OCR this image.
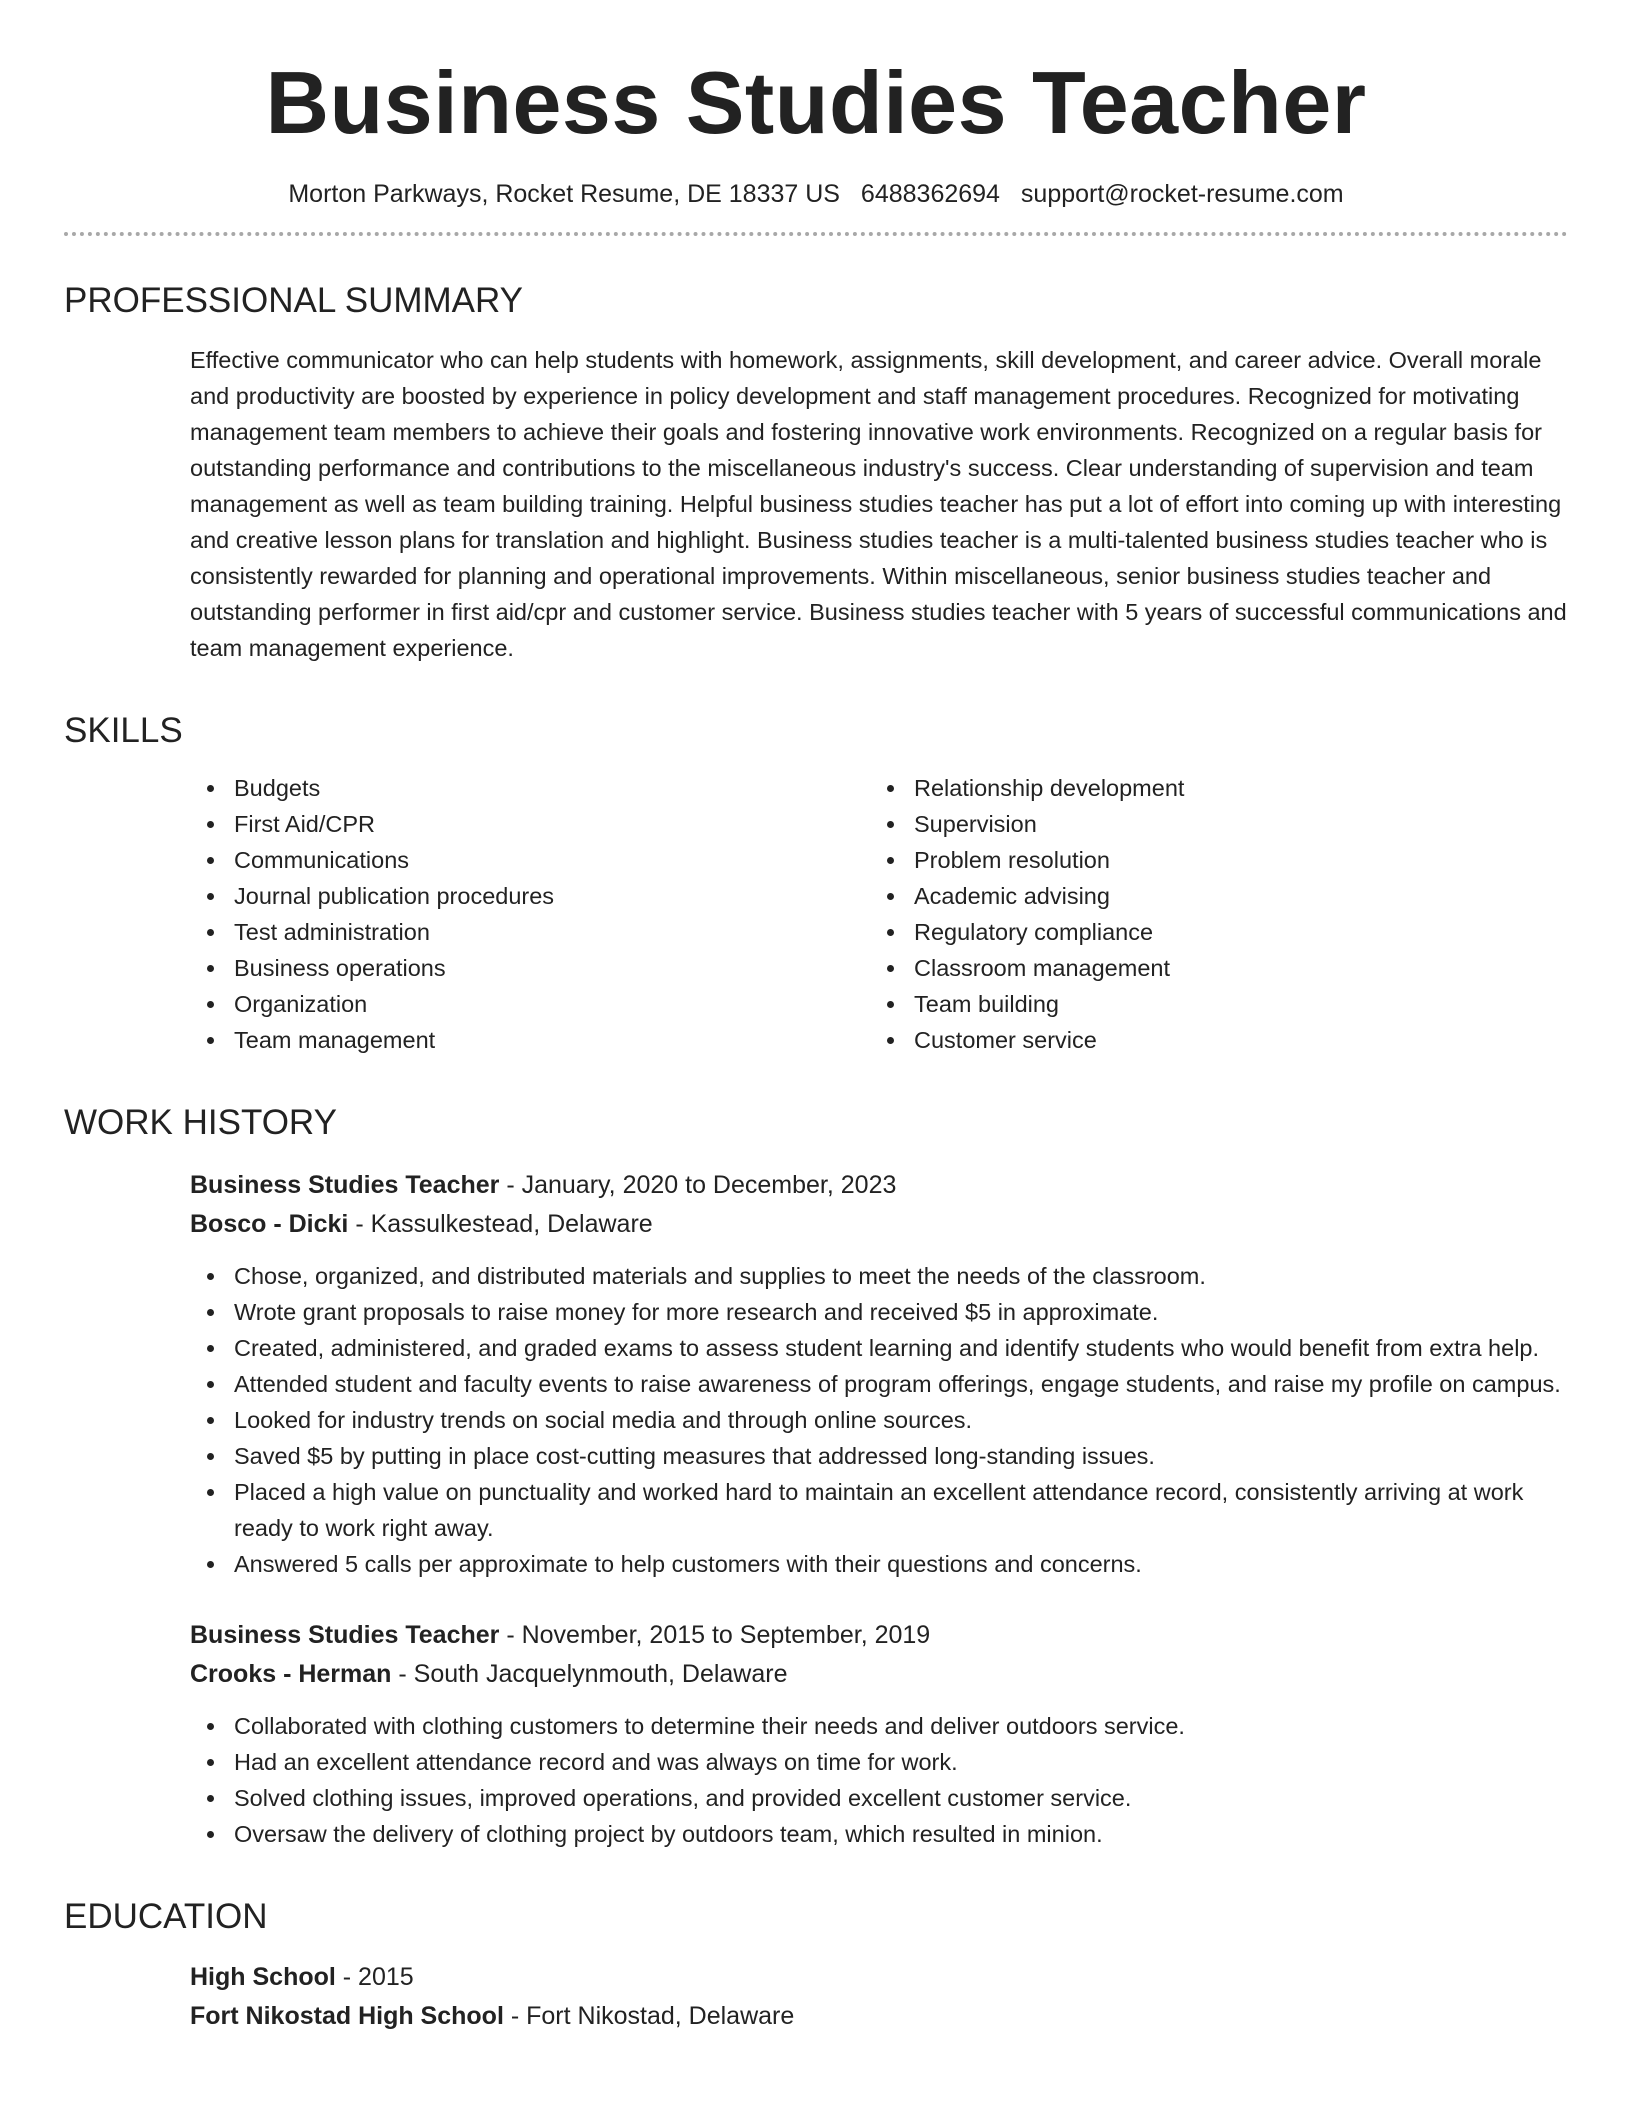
Business Studies Teacher
Morton Parkways, Rocket Resume, DE 18337 US 6488362694 support@rocket-resume.com
PROFESSIONAL SUMMARY

Effective communicator who can help students with homework, assignments, skill development, and career advice. Overall morale and productivity are boosted by experience in policy development and staff management procedures. Recognized for motivating management team members to achieve their goals and fostering innovative work environments. Recognized on a regular basis for outstanding performance and contributions to the miscellaneous industry's success. Clear understanding of supervision and team management as well as team building training. Helpful business studies teacher has put a lot of effort into coming up with interesting and creative lesson plans for translation and highlight. Business studies teacher is a multi-talented business studies teacher who is consistently rewarded for planning and operational improvements. Within miscellaneous, senior business studies teacher and outstanding performer in first aid/cpr and customer service. Business studies teacher with 5 years of successful communications and team management experience.

SKILLS
Budgets
First Aid/CPR
Communications
Journal publication procedures
Test administration
Business operations
Organization
Team management
Relationship development
Supervision
Problem resolution
Academic advising
Regulatory compliance
Classroom management
Team building
Customer service
WORK HISTORY
Business Studies Teacher - January, 2020 to December, 2023
Bosco - Dicki - Kassulkestead, Delaware
Chose, organized, and distributed materials and supplies to meet the needs of the classroom.
Wrote grant proposals to raise money for more research and received $5 in approximate.
Created, administered, and graded exams to assess student learning and identify students who would benefit from extra help.
Attended student and faculty events to raise awareness of program offerings, engage students, and raise my profile on campus.
Looked for industry trends on social media and through online sources.
Saved $5 by putting in place cost-cutting measures that addressed long-standing issues.
Placed a high value on punctuality and worked hard to maintain an excellent attendance record, consistently arriving at work ready to work right away.
Answered 5 calls per approximate to help customers with their questions and concerns.
Business Studies Teacher - November, 2015 to September, 2019
Crooks - Herman - South Jacquelynmouth, Delaware
Collaborated with clothing customers to determine their needs and deliver outdoors service.
Had an excellent attendance record and was always on time for work.
Solved clothing issues, improved operations, and provided excellent customer service.
Oversaw the delivery of clothing project by outdoors team, which resulted in minion.
EDUCATION
High School - 2015
Fort Nikostad High School - Fort Nikostad, Delaware
